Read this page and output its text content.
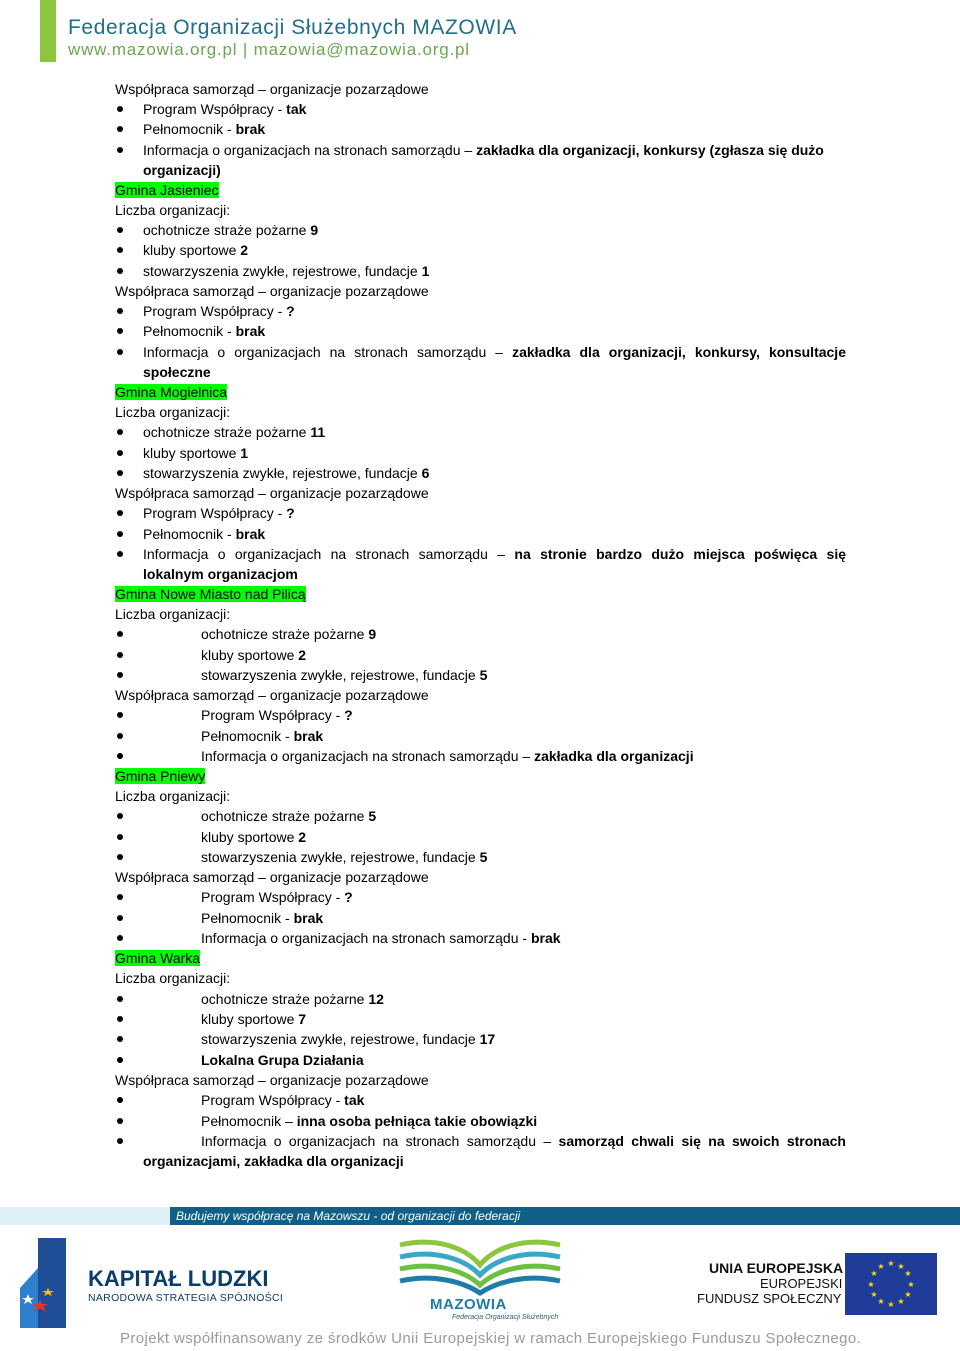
Federacja Organizacji Służebnych MAZOWIA
www.mazowia.org.pl | mazowia@mazowia.org.pl
Współpraca samorząd – organizacje pozarządowe
Program Współpracy - tak
Pełnomocnik - brak
Informacja o organizacjach na stronach samorządu – zakładka dla organizacji, konkursy (zgłasza się dużo
organizacji)
Gmina Jasieniec
Liczba organizacji:
ochotnicze straże pożarne 9
kluby sportowe 2
stowarzyszenia zwykłe, rejestrowe, fundacje 1
Współpraca samorząd – organizacje pozarządowe
Program Współpracy - ?
Pełnomocnik - brak
Informacja o organizacjach na stronach samorządu – zakładka dla organizacji, konkursy, konsultacje
społeczne
Gmina Mogielnica
Liczba organizacji:
ochotnicze straże pożarne 11
kluby sportowe 1
stowarzyszenia zwykłe, rejestrowe, fundacje 6
Współpraca samorząd – organizacje pozarządowe
Program Współpracy - ?
Pełnomocnik - brak
Informacja o organizacjach na stronach samorządu – na stronie bardzo dużo miejsca poświęca się
lokalnym organizacjom
Gmina Nowe Miasto nad Pilicą
Liczba organizacji:
ochotnicze straże pożarne 9
kluby sportowe 2
stowarzyszenia zwykłe, rejestrowe, fundacje 5
Współpraca samorząd – organizacje pozarządowe
Program Współpracy - ?
Pełnomocnik - brak
Informacja o organizacjach na stronach samorządu – zakładka dla organizacji
Gmina Pniewy
Liczba organizacji:
ochotnicze straże pożarne 5
kluby sportowe 2
stowarzyszenia zwykłe, rejestrowe, fundacje 5
Współpraca samorząd – organizacje pozarządowe
Program Współpracy - ?
Pełnomocnik - brak
Informacja o organizacjach na stronach samorządu - brak
Gmina Warka
Liczba organizacji:
ochotnicze straże pożarne 12
kluby sportowe 7
stowarzyszenia zwykłe, rejestrowe, fundacje 17
Lokalna Grupa Działania
Współpraca samorząd – organizacje pozarządowe
Program Współpracy - tak
Pełnomocnik – inna osoba pełniąca takie obowiązki
Informacja o organizacjach na stronach samorządu – samorząd chwali się na swoich stronach
organizacjami, zakładka dla organizacji
Budujemy współpracę na Mazowszu - od organizacji do federacji
KAPITAŁ LUDZKI
NARODOWA STRATEGIA SPÓJNOŚCI	MAZOWIA
Federacja Organizacji Służebnych
UNIA EUROPEJSKA
EUROPEJSKI
FUNDUSZ SPOŁECZNY
★ ★
★
★
★
★
★
★
★
★
★
★
Projekt współfinansowany ze środków Unii Europejskiej w ramach Europejskiego Funduszu Społecznego.
